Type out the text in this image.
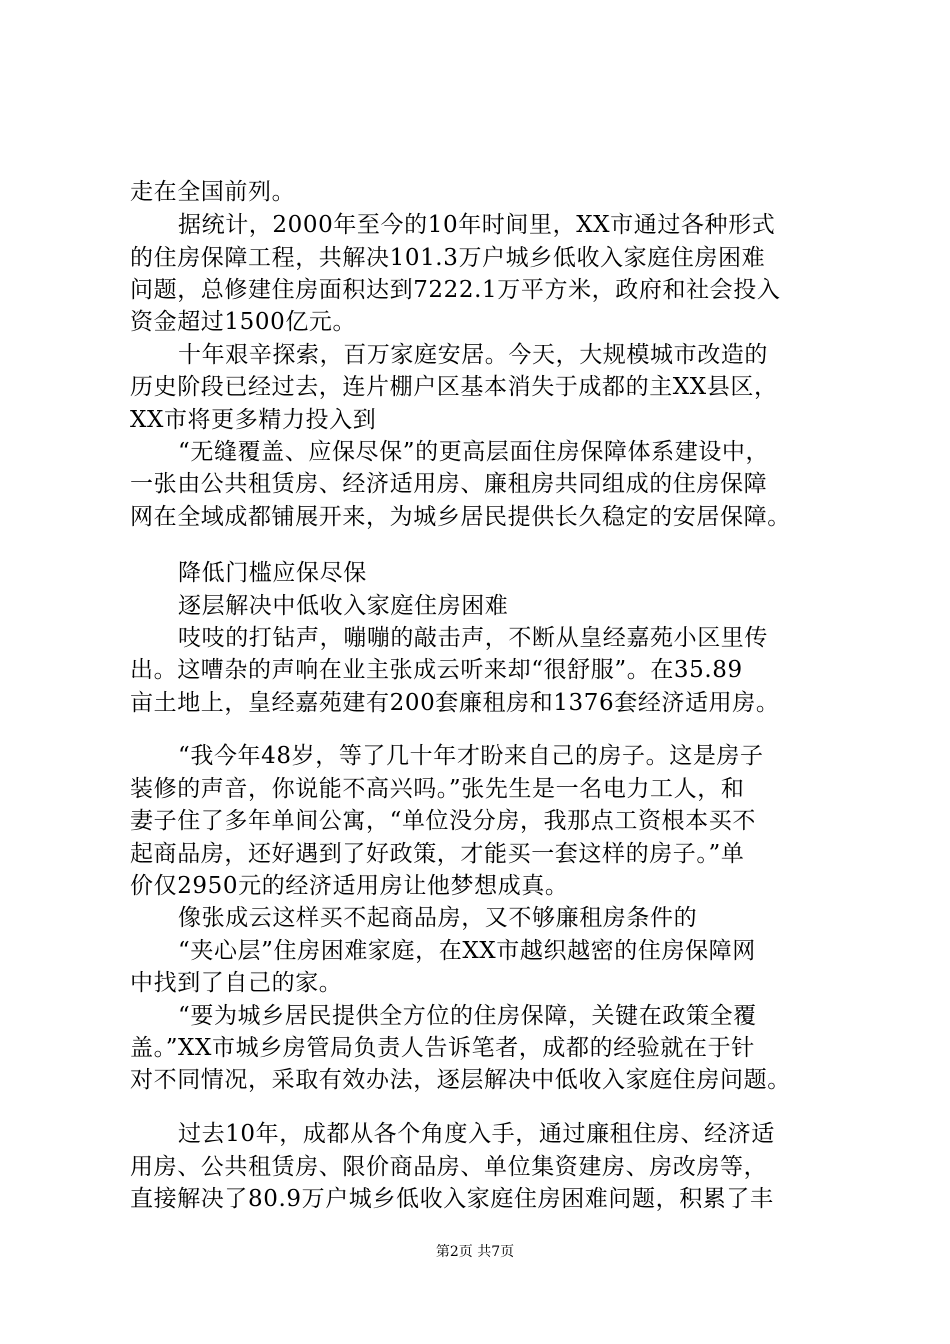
走在全国前列。
据统计，2000年至今的10年时间里，XX市通过各种形式
的住房保障工程，共解决101.3万户城乡低收入家庭住房困难
问题，总修建住房面积达到7222.1万平方米，政府和社会投入
资金超过1500亿元。
十年艰辛探索，百万家庭安居。今天，大规模城市改造的
历史阶段已经过去，连片棚户区基本消失于成都的主XX县区，
XX市将更多精力投入到
“无缝覆盖、应保尽保”的更高层面住房保障体系建设中，
一张由公共租赁房、经济适用房、廉租房共同组成的住房保障
网在全域成都铺展开来，为城乡居民提供长久稳定的安居保障。
降低门槛应保尽保
逐层解决中低收入家庭住房困难
吱吱的打钻声，嘣嘣的敲击声，不断从皇经嘉苑小区里传
出。这嘈杂的声响在业主张成云听来却“很舒服”。在35.89
亩土地上，皇经嘉苑建有200套廉租房和1376套经济适用房。
“我今年48岁，等了几十年才盼来自己的房子。这是房子
装修的声音，你说能不高兴吗。”张先生是一名电力工人，和
妻子住了多年单间公寓，“单位没分房，我那点工资根本买不
起商品房，还好遇到了好政策，才能买一套这样的房子。”单
价仅2950元的经济适用房让他梦想成真。
像张成云这样买不起商品房，又不够廉租房条件的
“夹心层”住房困难家庭，在XX市越织越密的住房保障网
中找到了自己的家。
“要为城乡居民提供全方位的住房保障，关键在政策全覆
盖。”XX市城乡房管局负责人告诉笔者，成都的经验就在于针
对不同情况，采取有效办法，逐层解决中低收入家庭住房问题。
过去10年，成都从各个角度入手，通过廉租住房、经济适
用房、公共租赁房、限价商品房、单位集资建房、房改房等，
直接解决了80.9万户城乡低收入家庭住房困难问题，积累了丰
第2页 共7页
